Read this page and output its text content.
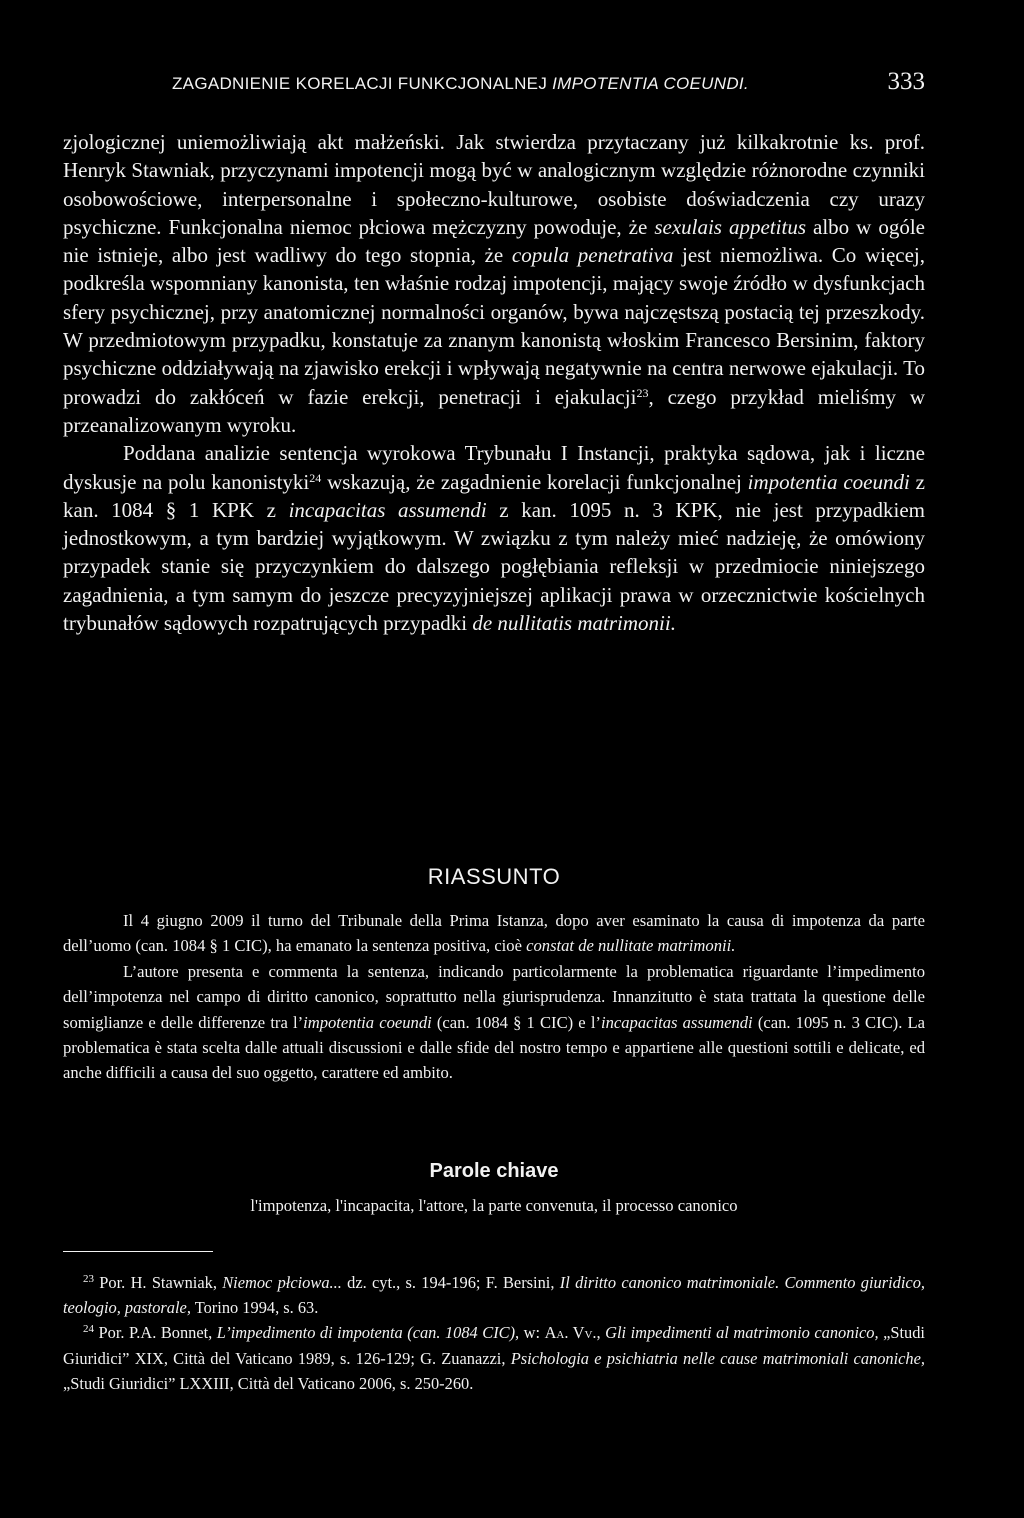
ZAGADNIENIE KORELACJI FUNKCJONALNEJ IMPOTENTIA COEUNDI.	333

zjologicznej uniemożliwiają akt małżeński. Jak stwierdza przytaczany już kilkakrotnie ks. prof. Henryk Stawniak, przyczynami impotencji mogą być w analogicznym względzie różnorodne czynniki osobowościowe, interpersonalne i społeczno-kulturowe, osobiste doświadczenia czy urazy psychiczne. Funkcjonalna niemoc płciowa mężczyzny powoduje, że sexulais appetitus albo w ogóle nie istnieje, albo jest wadliwy do tego stopnia, że copula penetrativa jest niemożliwa. Co więcej, podkreśla wspomniany kanonista, ten właśnie rodzaj impotencji, mający swoje źródło w dysfunkcjach sfery psychicznej, przy anatomicznej normalności organów, bywa najczęstszą postacią tej przeszkody. W przedmiotowym przypadku, konstatuje za znanym kanonistą włoskim Francesco Bersinim, faktory psychiczne oddziaływają na zjawisko erekcji i wpływają negatywnie na centra nerwowe ejakulacji. To prowadzi do zakłóceń w fazie erekcji, penetracji i ejakulacji$^{23}$, czego przykład mieliśmy w przeanalizowanym wyroku.

Poddana analizie sentencja wyrokowa Trybunału I Instancji, praktyka sądowa, jak i liczne dyskusje na polu kanonistyki$^{24}$ wskazują, że zagadnienie korelacji funkcjonalnej impotentia coeundi z kan. 1084 § 1 KPK z incapacitas assumendi z kan. 1095 n. 3 KPK, nie jest przypadkiem jednostkowym, a tym bardziej wyjątkowym. W związku z tym należy mieć nadzieję, że omówiony przypadek stanie się przyczynkiem do dalszego pogłębiania refleksji w przedmiocie niniejszego zagadnienia, a tym samym do jeszcze precyzyjniejszej aplikacji prawa w orzecznictwie kościelnych trybunałów sądowych rozpatrujących przypadki de nullitatis matrimonii.

RIASSUNTO

Il 4 giugno 2009 il turno del Tribunale della Prima Istanza, dopo aver esaminato la causa di impotenza da parte dell’uomo (can. 1084 § 1 CIC), ha emanato la sentenza positiva, cioè constat de nullitate matrimonii.

L’autore presenta e commenta la sentenza, indicando particolarmente la problematica riguardante l’impedimento dell’impotenza nel campo di diritto canonico, soprattutto nella giurisprudenza. Innanzitutto è stata trattata la questione delle somiglianze e delle differenze tra l’impotentia coeundi (can. 1084 § 1 CIC) e l’incapacitas assumendi (can. 1095 n. 3 CIC). La problematica è stata scelta dalle attuali discussioni e dalle sfide del nostro tempo e appartiene alle questioni sottili e delicate, ed anche difficili a causa del suo oggetto, carattere ed ambito.

Parole chiave
l'impotenza, l'incapacita, l'attore, la parte convenuta, il processo canonico

$^{23}$ Por. H. Stawniak, Niemoc płciowa... dz. cyt., s. 194-196; F. Bersini, Il diritto canonico matrimoniale. Commento giuridico, teologio, pastorale, Torino 1994, s. 63.

$^{24}$ Por. P.A. Bonnet, L’impedimento di impotenta (can. 1084 CIC), w: Aa. Vv., Gli impedimenti al matrimonio canonico, „Studi Giuridici” XIX, Città del Vaticano 1989, s. 126-129; G. Zuanazzi, Psichologia e psichiatria nelle cause matrimoniali canoniche, „Studi Giuridici” LXXIII, Città del Vaticano 2006, s. 250-260.
